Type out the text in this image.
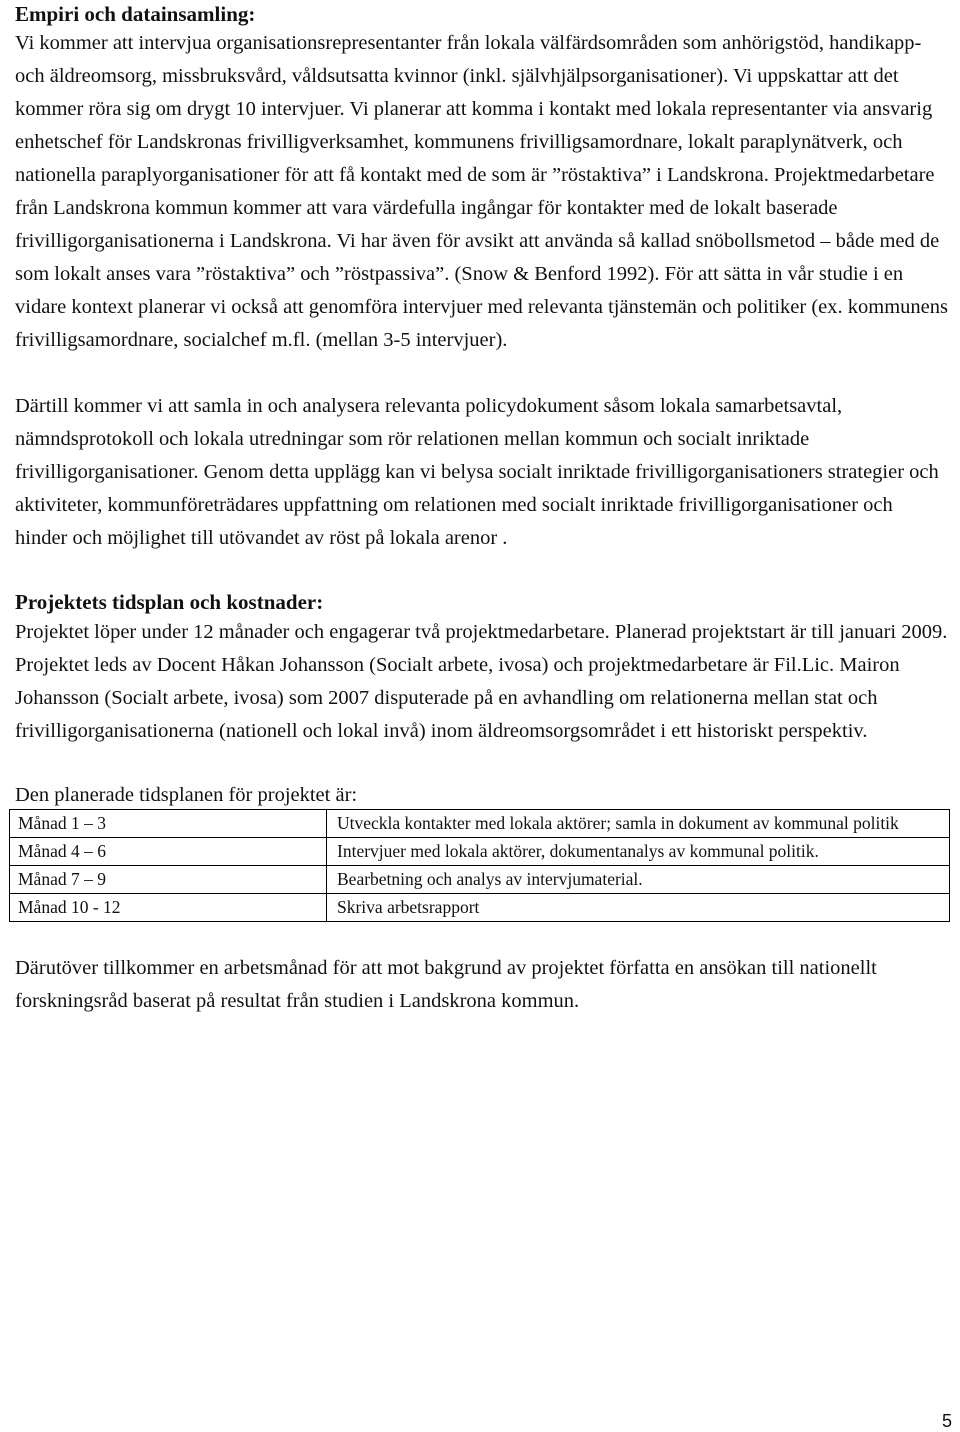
Empiri och datainsamling:

Vi kommer att intervjua organisationsrepresentanter från lokala välfärdsområden som anhörigstöd, handikapp- och äldreomsorg, missbruksvård, våldsutsatta kvinnor (inkl. självhjälpsorganisationer). Vi uppskattar att det kommer röra sig om drygt 10 intervjuer. Vi planerar att komma i kontakt med lokala representanter via ansvarig enhetschef för Landskronas frivilligverksamhet, kommunens frivilligsamordnare, lokalt paraplynätverk, och nationella paraplyorganisationer för att få kontakt med de som är ”röstaktiva” i Landskrona. Projektmedarbetare från Landskrona kommun kommer att vara värdefulla ingångar för kontakter med de lokalt baserade frivilligorganisationerna i Landskrona. Vi har även för avsikt att använda så kallad snöbollsmetod – både med de som lokalt anses vara ”röstaktiva” och ”röstpassiva”. (Snow & Benford 1992). För att sätta in vår studie i en vidare kontext planerar vi också att genomföra intervjuer med relevanta tjänstemän och politiker (ex. kommunens frivilligsamordnare, socialchef m.fl. (mellan 3-5 intervjuer).

Därtill kommer vi att samla in och analysera relevanta policydokument såsom lokala samarbetsavtal, nämndsprotokoll och lokala utredningar som rör relationen mellan kommun och socialt inriktade frivilligorganisationer. Genom detta upplägg kan vi belysa socialt inriktade frivilligorganisationers strategier och aktiviteter, kommunföreträdares uppfattning om relationen med socialt inriktade frivilligorganisationer och hinder och möjlighet till utövandet av röst på lokala arenor .

Projektets tidsplan och kostnader:

Projektet löper under 12 månader och engagerar två projektmedarbetare. Planerad projektstart är till januari 2009. Projektet leds av Docent Håkan Johansson (Socialt arbete, ivosa) och projektmedarbetare är Fil.Lic. Mairon Johansson (Socialt arbete, ivosa) som 2007 disputerade på en avhandling om relationerna mellan stat och frivilligorganisationerna (nationell och lokal invå) inom äldreomsorgsområdet i ett historiskt perspektiv.

Den planerade tidsplanen för projektet är:

Månad 1 – 3	Utveckla kontakter med lokala aktörer; samla in dokument av kommunal politik
Månad 4 – 6	Intervjuer med lokala aktörer, dokumentanalys av kommunal politik.
Månad 7 – 9	Bearbetning och analys av intervjumaterial.
Månad 10 - 12	Skriva arbetsrapport

Därutöver tillkommer en arbetsmånad för att mot bakgrund av projektet författa en ansökan till nationellt forskningsråd baserat på resultat från studien i Landskrona kommun.

5
